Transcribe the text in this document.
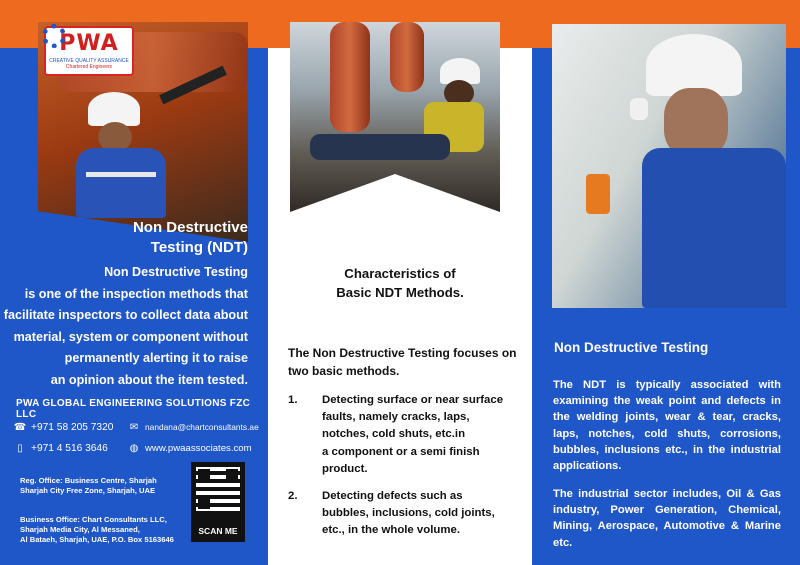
PWA
CREATIVE QUALITY ASSURANCE
Chartered Engineers
Non Destructive
Testing (NDT)
Non Destructive Testing
is one of the inspection methods that
facilitate inspectors to collect data about
material, system or component without
permanently alerting it to raise
an opinion about the item tested.
PWA GLOBAL ENGINEERING SOLUTIONS FZC LLC
☎ +971 58 205 7320
▯ +971 4 516 3646
✉ nandana@chartconsultants.ae
◍ www.pwaassociates.com
Reg. Office: Business Centre, Sharjah
Sharjah City Free Zone, Sharjah, UAE
Business Office: Chart Consultants LLC,
Sharjah Media City, Al Messaned,
Al Bataeh, Sharjah, UAE, P.O. Box 5163646
SCAN ME
Characteristics of
Basic NDT Methods.
The Non Destructive Testing focuses on
two basic methods.
1.	Detecting surface or near surface
faults, namely cracks, laps,
notches, cold shuts, etc.in
a component or a semi finish
product.
2.	Detecting defects such as
bubbles, inclusions, cold joints,
etc., in the whole volume.
Non Destructive Testing
The NDT is typically associated with examining the weak point and defects in the welding joints, wear & tear, cracks, laps, notches, cold shuts, corrosions, bubbles, inclusions etc., in the industrial applications.
The industrial sector includes, Oil & Gas industry, Power Generation, Chemical, Mining, Aerospace, Automotive & Marine etc.
